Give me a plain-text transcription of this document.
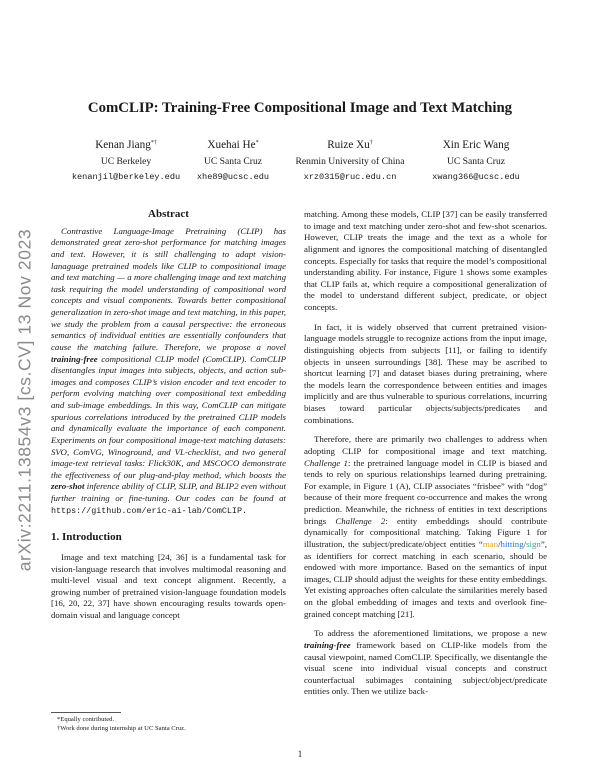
arXiv:2211.13854v3 [cs.CV] 13 Nov 2023
ComCLIP: Training-Free Compositional Image and Text Matching
Kenan Jiang*†
UC Berkeley
kenanjil@berkeley.edu
Xuehai He*
UC Santa Cruz
xhe89@ucsc.edu
Ruize Xu†
Renmin University of China
xrz0315@ruc.edu.cn
Xin Eric Wang
UC Santa Cruz
xwang366@ucsc.edu
Abstract

Contrastive Language-Image Pretraining (CLIP) has demonstrated great zero-shot performance for matching images and text. However, it is still challenging to adapt vision-lanaguage pretrained models like CLIP to compositional image and text matching — a more challenging image and text matching task requiring the model understanding of compositional word concepts and visual components. Towards better compositional generalization in zero-shot image and text matching, in this paper, we study the problem from a causal perspective: the erroneous semantics of individual entities are essentially confounders that cause the matching failure. Therefore, we propose a novel training-free compositional CLIP model (ComCLIP). ComCLIP disentangles input images into subjects, objects, and action sub-images and composes CLIP’s vision encoder and text encoder to perform evolving matching over compositional text embedding and sub-image embeddings. In this way, ComCLIP can mitigate spurious correlations introduced by the pretrained CLIP models and dynamically evaluate the importance of each component. Experiments on four compositional image-text matching datasets: SVO, ComVG, Winoground, and VL-checklist, and two general image-text retrieval tasks: Flick30K, and MSCOCO demonstrate the effectiveness of our plug-and-play method, which boosts the zero-shot inference ability of CLIP, SLIP, and BLIP2 even without further training or fine-tuning. Our codes can be found at https://github.com/eric-ai-lab/ComCLIP.

1. Introduction

Image and text matching [24, 36] is a fundamental task for vision-language research that involves multimodal reasoning and multi-level visual and text concept alignment. Recently, a growing number of pretrained vision-language foundation models [16, 20, 22, 37] have shown encouraging results towards open-domain visual and language concept

matching. Among these models, CLIP [37] can be easily transferred to image and text matching under zero-shot and few-shot scenarios. However, CLIP treats the image and the text as a whole for alignment and ignores the compositional matching of disentangled concepts. Especially for tasks that require the model’s compositional understanding ability. For instance, Figure 1 shows some examples that CLIP fails at, which require a compositional generalization of the model to understand different subject, predicate, or object concepts.

In fact, it is widely observed that current pretrained vision-language models struggle to recognize actions from the input image, distinguishing objects from subjects [11], or failing to identify objects in unseen surroundings [38]. These may be ascribed to shortcut learning [7] and dataset biases during pretraining, where the models learn the correspondence between entities and images implicitly and are thus vulnerable to spurious correlations, incurring biases toward particular objects/subjects/predicates and combinations.

Therefore, there are primarily two challenges to address when adopting CLIP for compositional image and text matching. Challenge 1: the pretrained language model in CLIP is biased and tends to rely on spurious relationships learned during pretraining. For example, in Figure 1 (A), CLIP associates “frisbee” with “dog” because of their more frequent co-occurrence and makes the wrong prediction. Meanwhile, the richness of entities in text descriptions brings Challenge 2: entity embeddings should contribute dynamically for compositional matching. Taking Figure 1 for illustration, the subject/predicate/object entities “man/hitting/sign”, as identifiers for correct matching in each scenario, should be endowed with more importance. Based on the semantics of input images, CLIP should adjust the weights for these entity embeddings. Yet existing approaches often calculate the similarities merely based on the global embedding of images and texts and overlook fine-grained concept matching [21].

To address the aforementioned limitations, we propose a new training-free framework based on CLIP-like models from the causal viewpoint, named ComCLIP. Specifically, we disentangle the visual scene into individual visual concepts and construct counterfactual subimages containing subject/object/predicate entities only. Then we utilize back-

*Equally contributed.
†Work done during internship at UC Santa Cruz.
1
